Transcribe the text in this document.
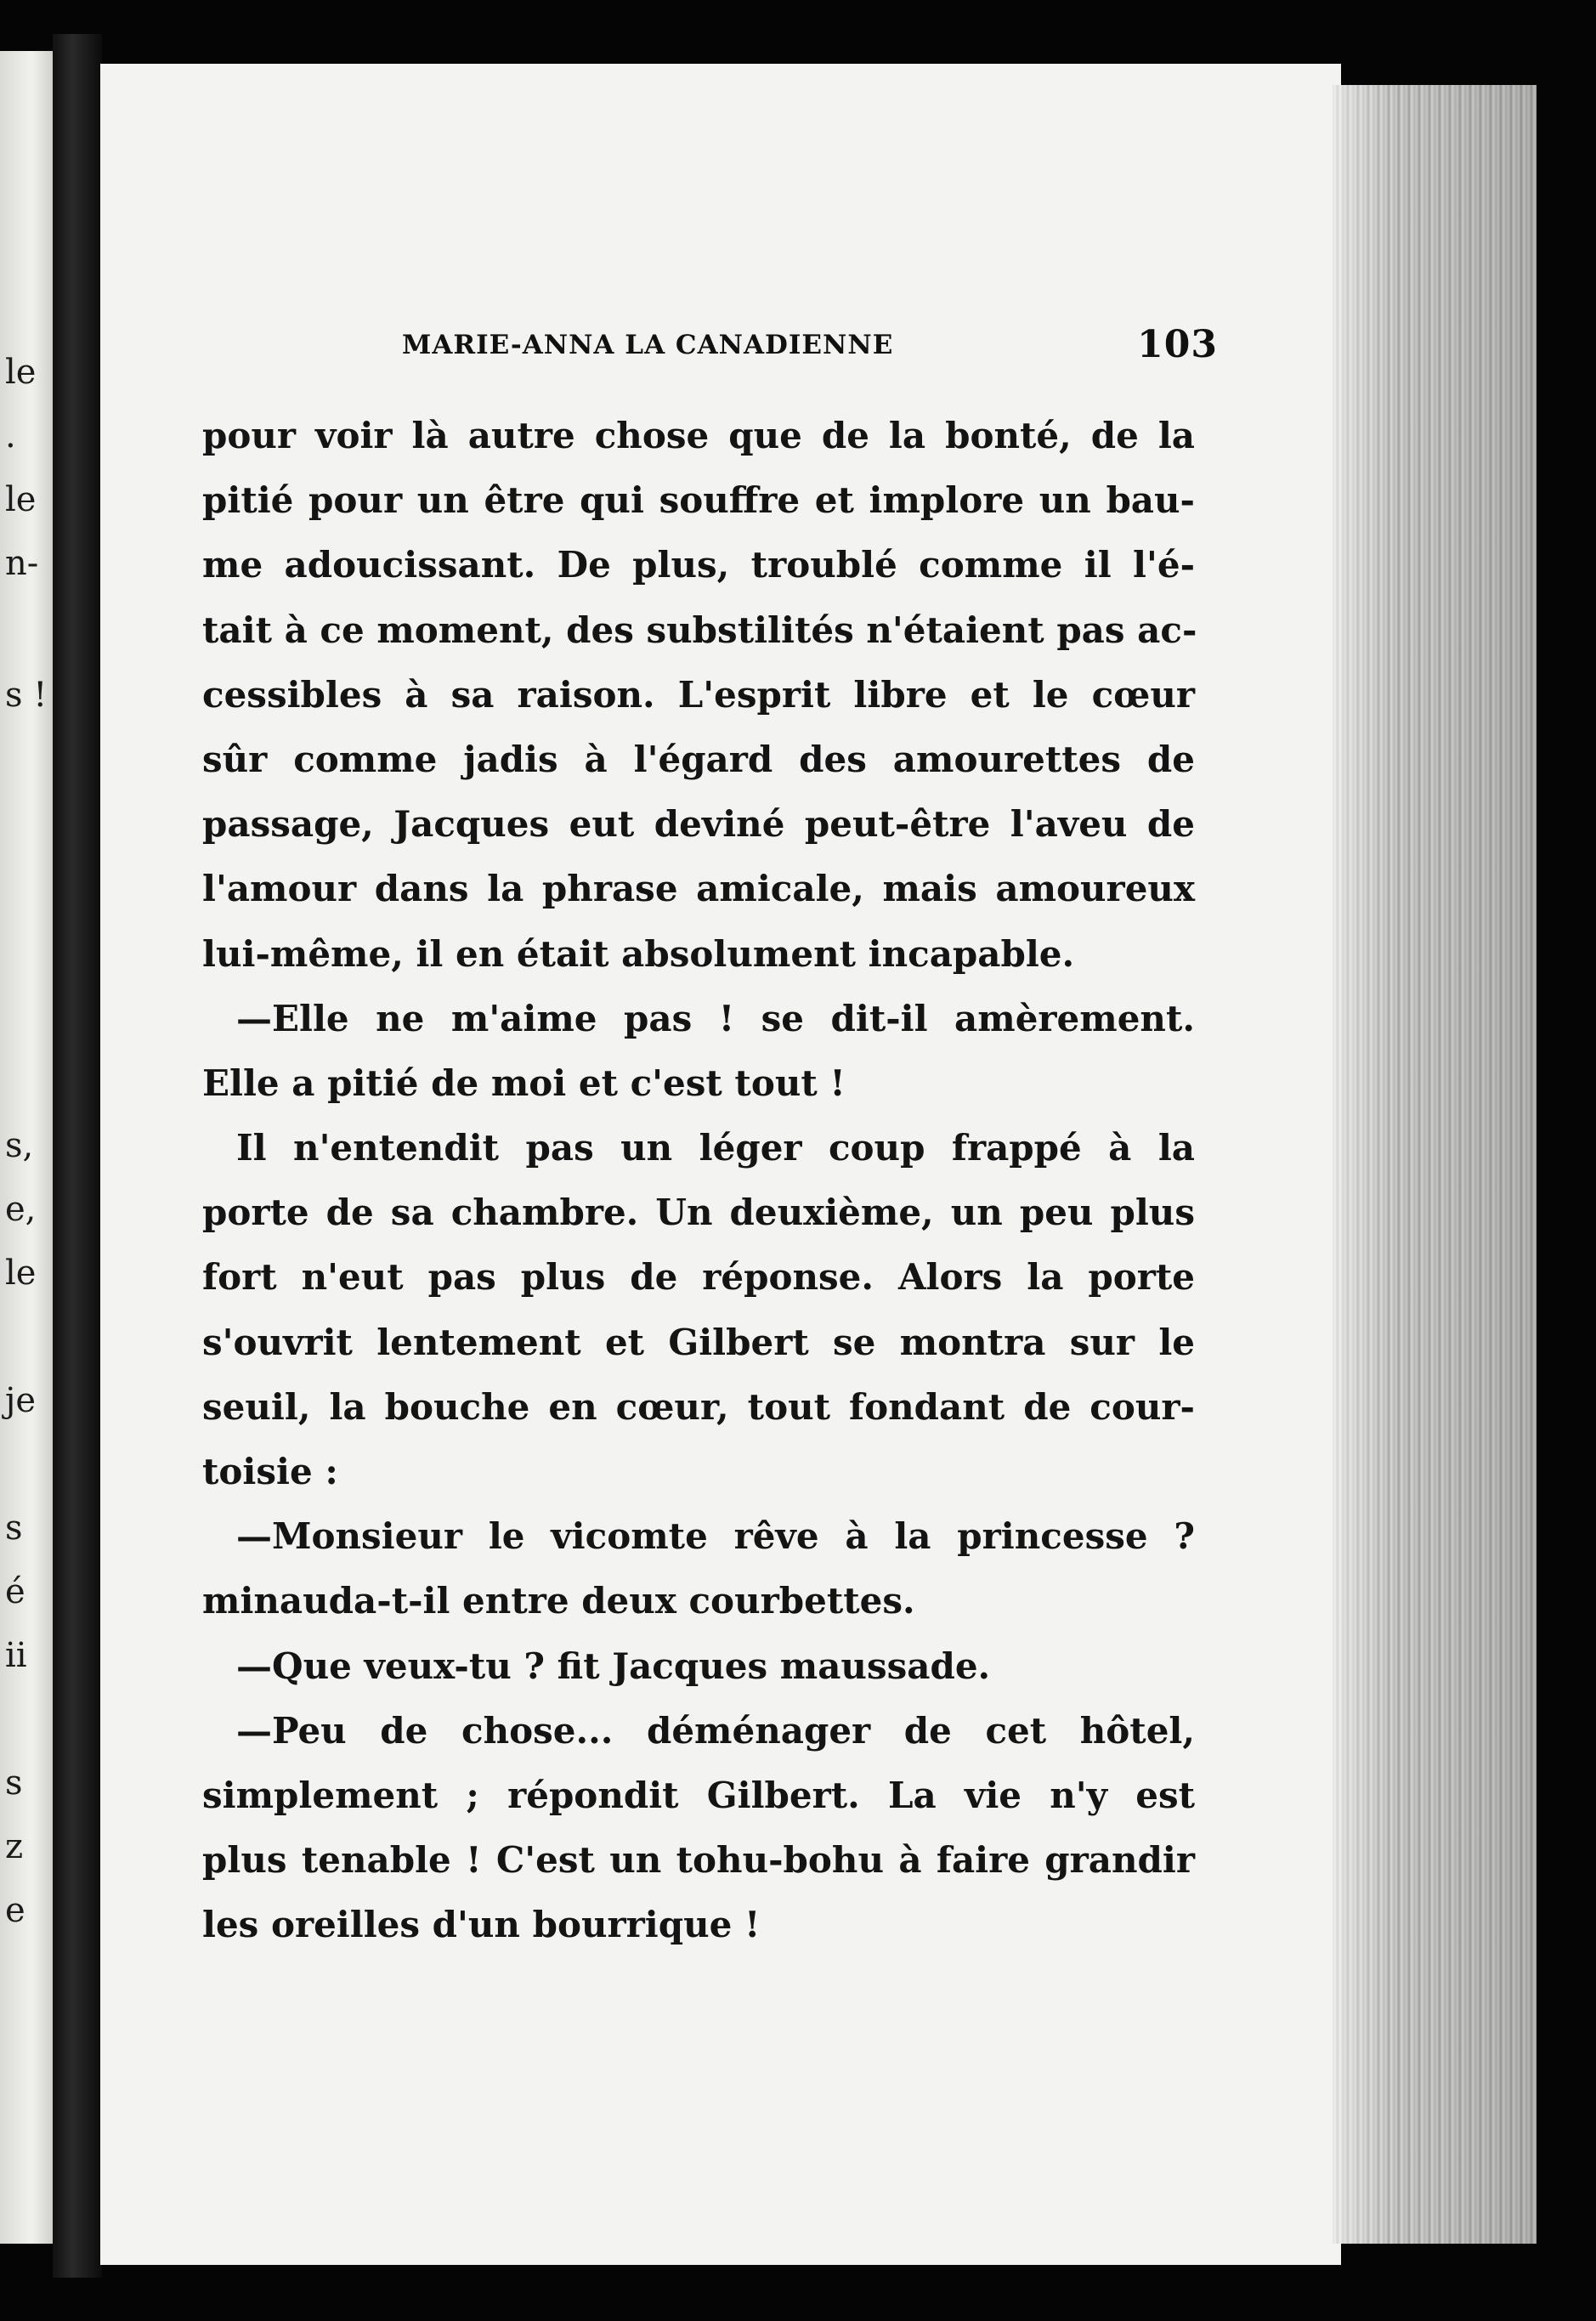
le
.
le
n-
s !
s,
e,
le
je
s
é
ii
s
z
e
MARIE-ANNA LA CANADIENNE	103
pour voir là autre chose que de la bonté, de la
pitié pour un être qui souffre et implore un bau-
me adoucissant. De plus, troublé comme il l'é-
tait à ce moment, des substilités n'étaient pas ac-
cessibles à sa raison. L'esprit libre et le cœur
sûr comme jadis à l'égard des amourettes de
passage, Jacques eut deviné peut-être l'aveu de
l'amour dans la phrase amicale, mais amoureux
lui-même, il en était absolument incapable.
—Elle ne m'aime pas ! se dit-il amèrement.
Elle a pitié de moi et c'est tout !
Il n'entendit pas un léger coup frappé à la
porte de sa chambre. Un deuxième, un peu plus
fort n'eut pas plus de réponse. Alors la porte
s'ouvrit lentement et Gilbert se montra sur le
seuil, la bouche en cœur, tout fondant de cour-
toisie :
—Monsieur le vicomte rêve à la princesse ?
minauda-t-il entre deux courbettes.
—Que veux-tu ? fit Jacques maussade.
—Peu de chose... déménager de cet hôtel,
simplement ; répondit Gilbert. La vie n'y est
plus tenable ! C'est un tohu-bohu à faire grandir
les oreilles d'un bourrique !
